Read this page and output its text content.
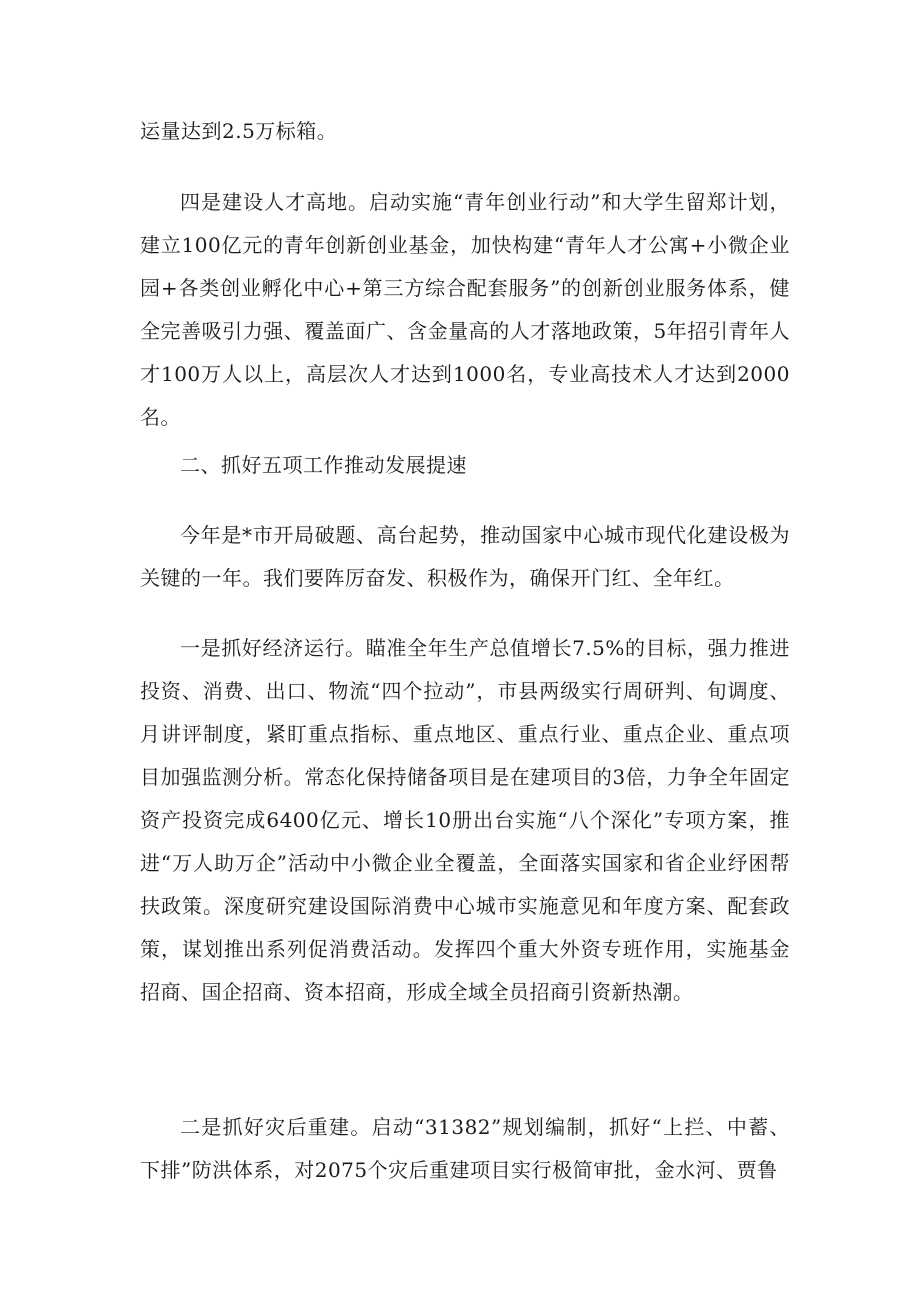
运量达到2.5万标箱。

四是建设人才高地。启动实施“青年创业行动”和大学生留郑计划，建立100亿元的青年创新创业基金，加快构建“青年人才公寓+小微企业园+各类创业孵化中心+第三方综合配套服务”的创新创业服务体系，健全完善吸引力强、覆盖面广、含金量高的人才落地政策，5年招引青年人才100万人以上，高层次人才达到1000名，专业高技术人才达到2000名。

二、抓好五项工作推动发展提速

今年是*市开局破题、高台起势，推动国家中心城市现代化建设极为关键的一年。我们要阵厉奋发、积极作为，确保开门红、全年红。

一是抓好经济运行。瞄准全年生产总值增长7.5%的目标，强力推进投资、消费、出口、物流“四个拉动”，市县两级实行周研判、旬调度、月讲评制度，紧盯重点指标、重点地区、重点行业、重点企业、重点项目加强监测分析。常态化保持储备项目是在建项目的3倍，力争全年固定资产投资完成6400亿元、增长10册出台实施“八个深化”专项方案，推进“万人助万企”活动中小微企业全覆盖，全面落实国家和省企业纾困帮扶政策。深度研究建设国际消费中心城市实施意见和年度方案、配套政策，谋划推出系列促消费活动。发挥四个重大外资专班作用，实施基金招商、国企招商、资本招商，形成全域全员招商引资新热潮。

二是抓好灾后重建。启动“31382”规划编制，抓好“上拦、中蓄、下排”防洪体系，对2075个灾后重建项目实行极简审批，金水河、贾鲁
